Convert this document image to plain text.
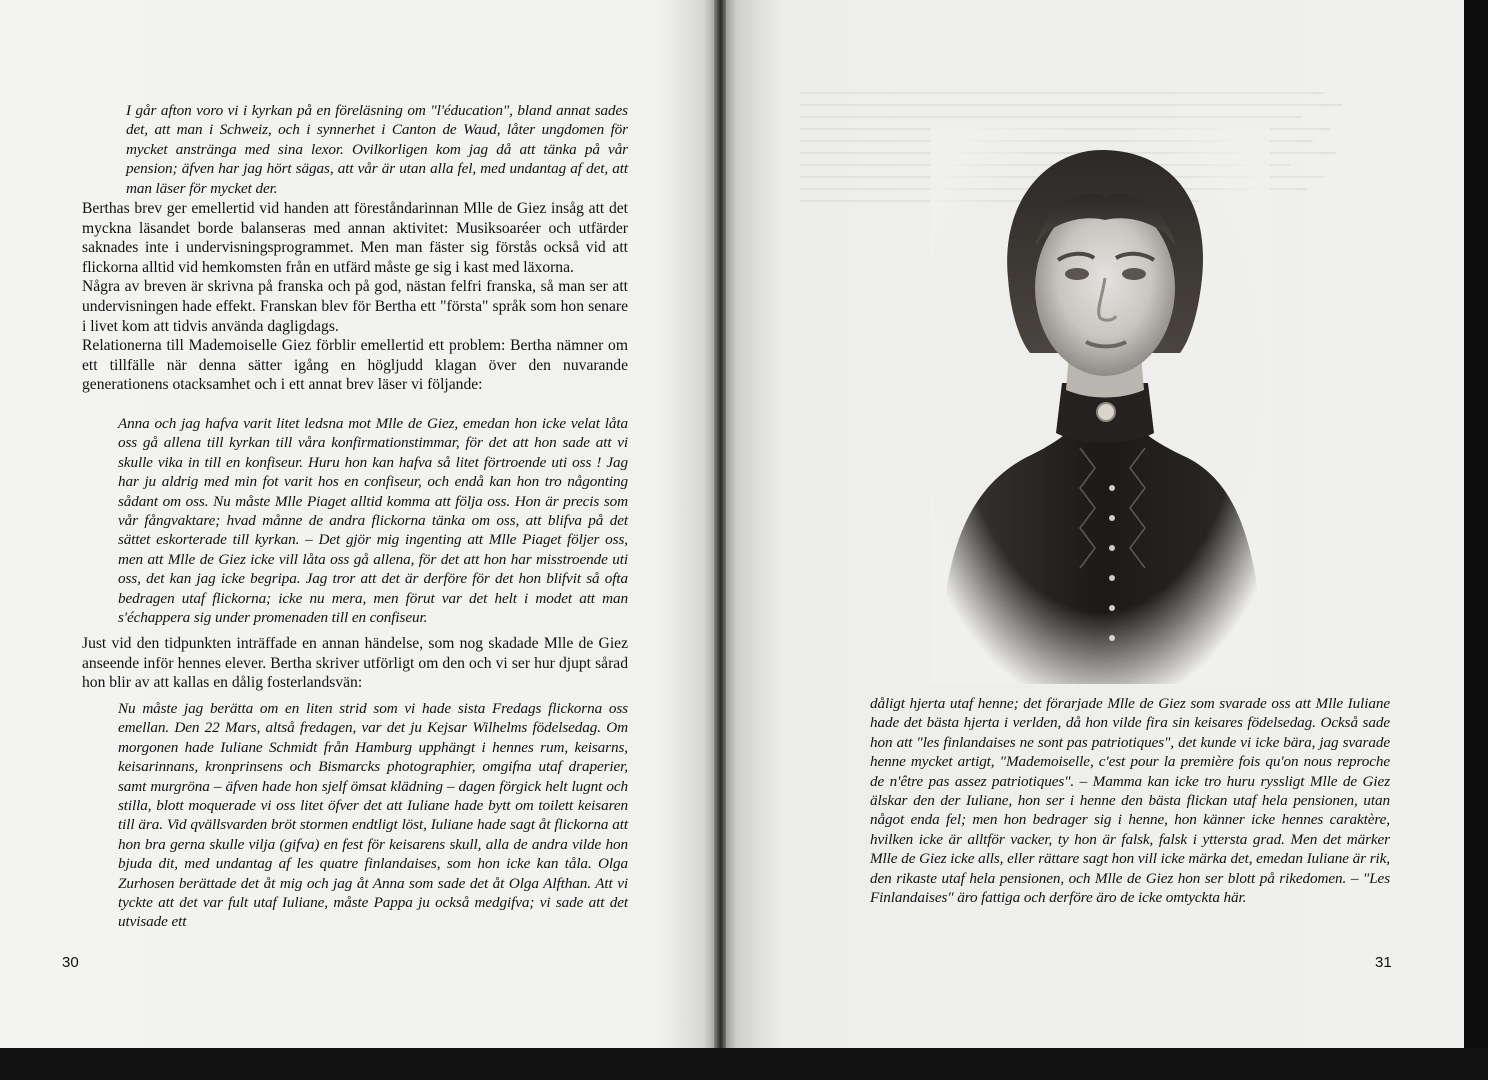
I går afton voro vi i kyrkan på en föreläsning om "l'éducation", bland annat sades det, att man i Schweiz, och i synnerhet i Canton de Waud, låter ungdomen för mycket anstränga med sina lexor. Ovilkorligen kom jag då att tänka på vår pension; äfven har jag hört sägas, att vår är utan alla fel, med undantag af det, att man läser för mycket der.

Berthas brev ger emellertid vid handen att föreståndarinnan Mlle de Giez insåg att det myckna läsandet borde balanseras med annan aktivitet: Musiksoaréer och utfärder saknades inte i undervisningsprogrammet. Men man fäster sig förstås också vid att flickorna alltid vid hemkomsten från en utfärd måste ge sig i kast med läxorna.

Några av breven är skrivna på franska och på god, nästan felfri franska, så man ser att undervisningen hade effekt. Franskan blev för Bertha ett "första" språk som hon senare i livet kom att tidvis använda dagligdags.

Relationerna till Mademoiselle Giez förblir emellertid ett problem: Bertha nämner om ett tillfälle när denna sätter igång en högljudd klagan över den nuvarande generationens otacksamhet och i ett annat brev läser vi följande:

Anna och jag hafva varit litet ledsna mot Mlle de Giez, emedan hon icke velat låta oss gå allena till kyrkan till våra konfirmationstimmar, för det att hon sade att vi skulle vika in till en konfiseur. Huru hon kan hafva så litet förtroende uti oss ! Jag har ju aldrig med min fot varit hos en confiseur, och endå kan hon tro någonting sådant om oss. Nu måste Mlle Piaget alltid komma att följa oss. Hon är precis som vår fångvaktare; hvad månne de andra flickorna tänka om oss, att blifva på det sättet eskorterade till kyrkan. – Det gjör mig ingenting att Mlle Piaget följer oss, men att Mlle de Giez icke vill låta oss gå allena, för det att hon har misstroende uti oss, det kan jag icke begripa. Jag tror att det är derföre för det hon blifvit så ofta bedragen utaf flickorna; icke nu mera, men förut var det helt i modet att man s'échappera sig under promenaden till en confiseur.

Just vid den tidpunkten inträffade en annan händelse, som nog skadade Mlle de Giez anseende inför hennes elever. Bertha skriver utförligt om den och vi ser hur djupt sårad hon blir av att kallas en dålig fosterlandsvän:

Nu måste jag berätta om en liten strid som vi hade sista Fredags flickorna oss emellan. Den 22 Mars, altså fredagen, var det ju Kejsar Wilhelms födelsedag. Om morgonen hade Iuliane Schmidt från Hamburg upphängt i hennes rum, keisarns, keisarinnans, kronprinsens och Bismarcks photographier, omgifna utaf draperier, samt murgröna – äfven hade hon sjelf ömsat klädning – dagen förgick helt lugnt och stilla, blott moquerade vi oss litet öfver det att Iuliane hade bytt om toilett keisaren till ära. Vid qvällsvarden bröt stormen endtligt löst, Iuliane hade sagt åt flickorna att hon bra gerna skulle vilja (gifva) en fest för keisarens skull, alla de andra vilde hon bjuda dit, med undantag af les quatre finlandaises, som hon icke kan tåla. Olga Zurhosen berättade det åt mig och jag åt Anna som sade det åt Olga Alfthan. Att vi tyckte att det var fult utaf Iuliane, måste Pappa ju också medgifva; vi sade att det utvisade ett

30

dåligt hjerta utaf henne; det förarjade Mlle de Giez som svarade oss att Mlle Iuliane hade det bästa hjerta i verlden, då hon vilde fira sin keisares födelsedag. Också sade hon att "les finlandaises ne sont pas patriotiques", det kunde vi icke bära, jag svarade henne mycket artigt, "Mademoiselle, c'est pour la première fois qu'on nous reproche de n'être pas assez patriotiques". – Mamma kan icke tro huru ryssligt Mlle de Giez älskar den der Iuliane, hon ser i henne den bästa flickan utaf hela pensionen, utan något enda fel; men hon bedrager sig i henne, hon känner icke hennes caraktère, hvilken icke är alltför vacker, ty hon är falsk, falsk i yttersta grad. Men det märker Mlle de Giez icke alls, eller rättare sagt hon vill icke märka det, emedan Iuliane är rik, den rikaste utaf hela pensionen, och Mlle de Giez hon ser blott på rikedomen. – "Les Finlandaises" äro fattiga och derföre äro de icke omtyckta här.

31
